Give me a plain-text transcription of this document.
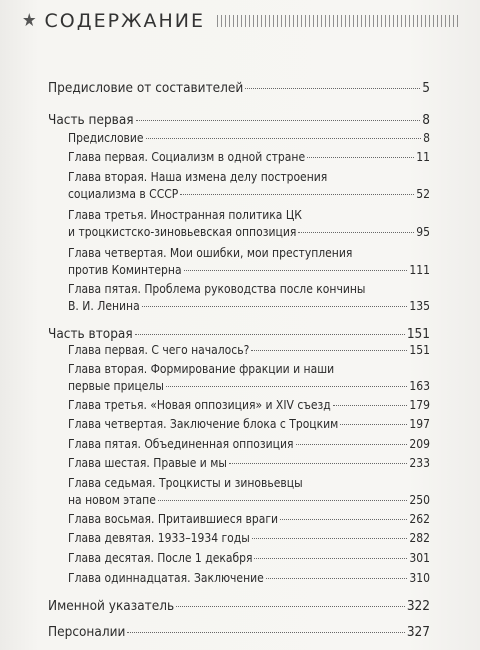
★ СОДЕРЖАНИЕ
Предисловие от составителей	5
Часть первая	8
Предисловие	8
Глава первая. Социализм в одной стране	11
Глава вторая. Наша измена делу построения
социализма в СССР	52
Глава третья. Иностранная политика ЦК
и троцкистско-зиновьевская оппозиция	95
Глава четвертая. Мои ошибки, мои преступления
против Коминтерна	111
Глава пятая. Проблема руководства после кончины
В. И. Ленина	135
Часть вторая	151
Глава первая. С чего началось?	151
Глава вторая. Формирование фракции и наши
первые прицелы	163
Глава третья. «Новая оппозиция» и XIV съезд	179
Глава четвертая. Заключение блока с Троцким	197
Глава пятая. Объединенная оппозиция	209
Глава шестая. Правые и мы	233
Глава седьмая. Троцкисты и зиновьевцы
на новом этапе	250
Глава восьмая. Притаившиеся враги	262
Глава девятая. 1933–1934 годы	282
Глава десятая. После 1 декабря	301
Глава одиннадцатая. Заключение	310
Именной указатель	322
Персоналии	327
